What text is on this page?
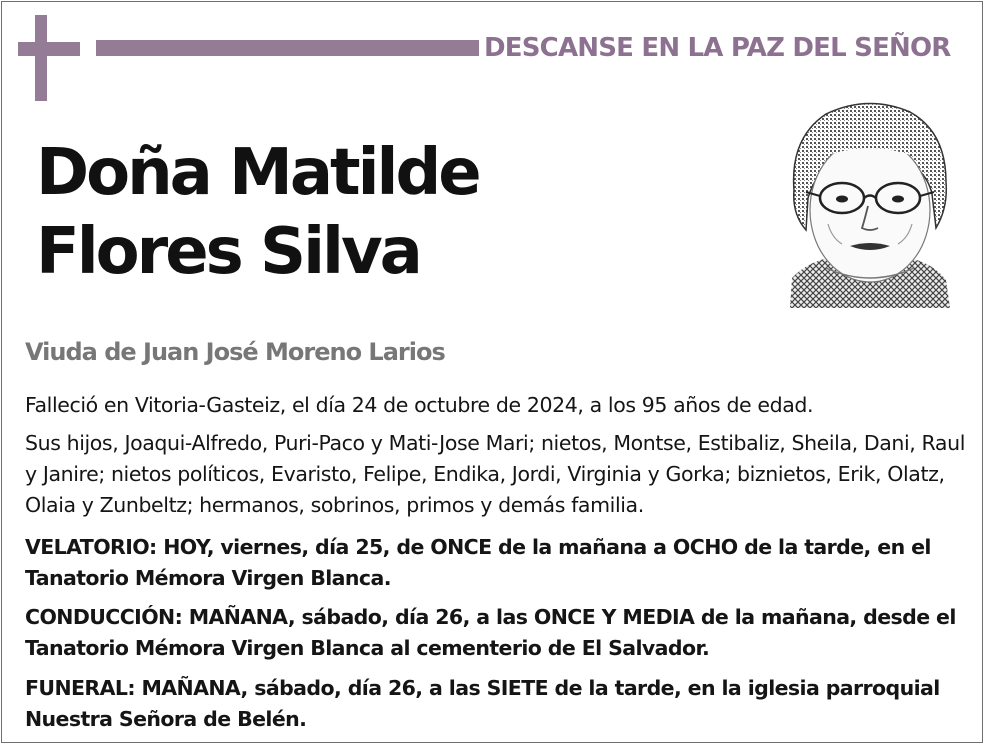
DESCANSE EN LA PAZ DEL SEÑOR
Doña Matilde
Flores Silva
Viuda de Juan José Moreno Larios
Falleció en Vitoria-Gasteiz, el día 24 de octubre de 2024, a los 95 años de edad.
Sus hijos, Joaqui-Alfredo, Puri-Paco y Mati-Jose Mari; nietos, Montse, Estibaliz, Sheila, Dani, Raul y Janire; nietos políticos, Evaristo, Felipe, Endika, Jordi, Virginia y Gorka; biznietos, Erik, Olatz, Olaia y Zunbeltz; hermanos, sobrinos, primos y demás familia.
VELATORIO: HOY, viernes, día 25, de ONCE de la mañana a OCHO de la tarde, en el Tanatorio Mémora Virgen Blanca.
CONDUCCIÓN: MAÑANA, sábado, día 26, a las ONCE Y MEDIA de la mañana, desde el Tanatorio Mémora Virgen Blanca al cementerio de El Salvador.
FUNERAL: MAÑANA, sábado, día 26, a las SIETE de la tarde, en la iglesia parroquial Nuestra Señora de Belén.
